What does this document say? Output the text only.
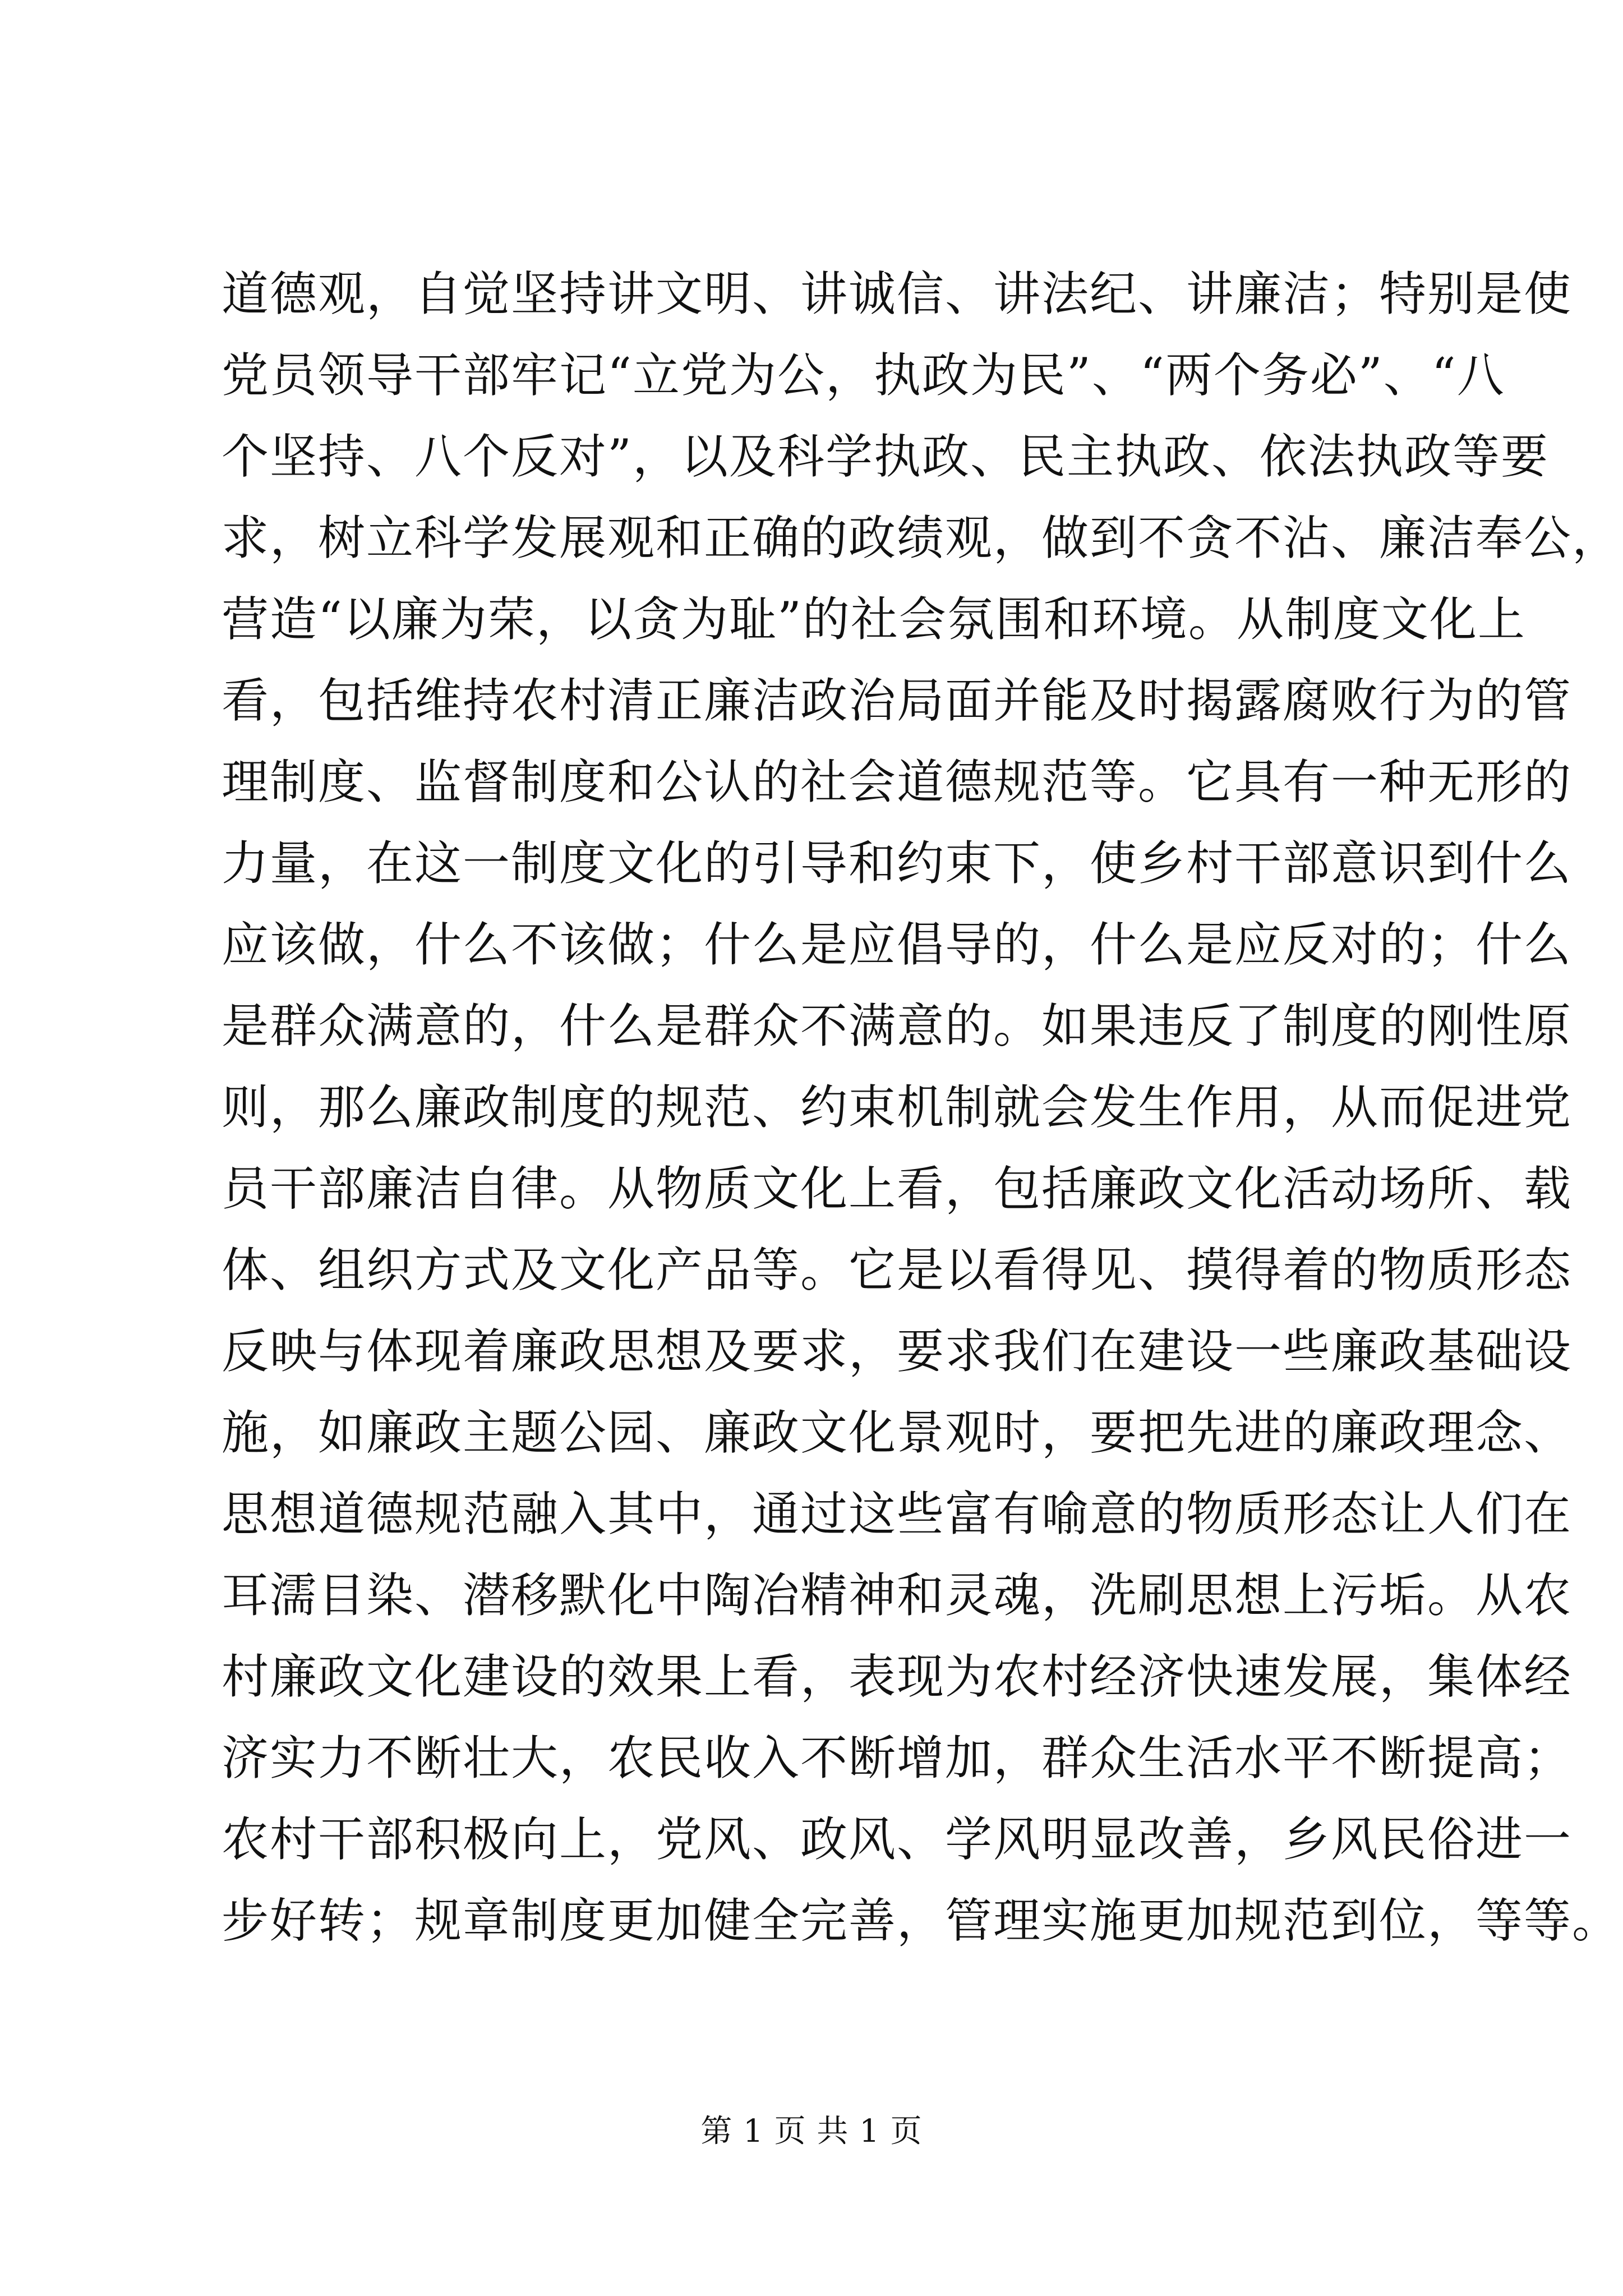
道德观，自觉坚持讲文明、讲诚信、讲法纪、讲廉洁；特别是使
党员领导干部牢记“立党为公，执政为民”、“两个务必”、“八
个坚持、八个反对”，以及科学执政、民主执政、依法执政等要
求，树立科学发展观和正确的政绩观，做到不贪不沾、廉洁奉公，
营造“以廉为荣，以贪为耻”的社会氛围和环境。从制度文化上
看，包括维持农村清正廉洁政治局面并能及时揭露腐败行为的管
理制度、监督制度和公认的社会道德规范等。它具有一种无形的
力量，在这一制度文化的引导和约束下，使乡村干部意识到什么
应该做，什么不该做；什么是应倡导的，什么是应反对的；什么
是群众满意的，什么是群众不满意的。如果违反了制度的刚性原
则，那么廉政制度的规范、约束机制就会发生作用，从而促进党
员干部廉洁自律。从物质文化上看，包括廉政文化活动场所、载
体、组织方式及文化产品等。它是以看得见、摸得着的物质形态
反映与体现着廉政思想及要求，要求我们在建设一些廉政基础设
施，如廉政主题公园、廉政文化景观时，要把先进的廉政理念、
思想道德规范融入其中，通过这些富有喻意的物质形态让人们在
耳濡目染、潜移默化中陶冶精神和灵魂，洗刷思想上污垢。从农
村廉政文化建设的效果上看，表现为农村经济快速发展，集体经
济实力不断壮大，农民收入不断增加，群众生活水平不断提高；
农村干部积极向上，党风、政风、学风明显改善，乡风民俗进一
步好转；规章制度更加健全完善，管理实施更加规范到位，等等。
第 1 页 共 1 页
